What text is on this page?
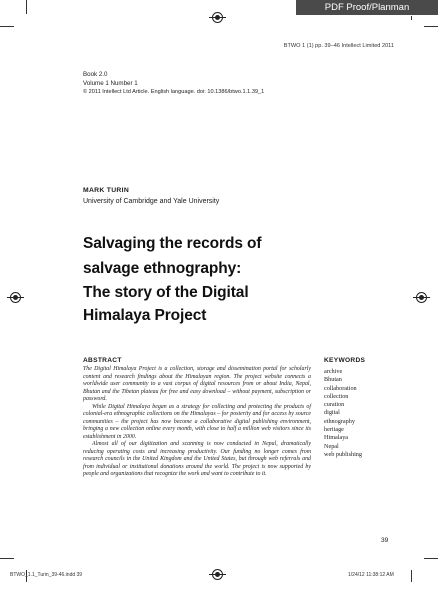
PDF Proof/Planman
BTWO 1 (1) pp. 39–46 Intellect Limited 2011
Book 2.0
Volume 1 Number 1
© 2011 Intellect Ltd Article. English language. doi: 10.1386/btwo.1.1.39_1
MARK TURIN
University of Cambridge and Yale University
Salvaging the records of
salvage ethnography:
The story of the Digital
Himalaya Project
ABSTRACT

The Digital Himalaya Project is a collection, storage and dissemination portal for scholarly content and research findings about the Himalayan region. The project website connects a worldwide user community to a vast corpus of digital resources from or about India, Nepal, Bhutan and the Tibetan plateau for free and easy download – without payment, subscription or password.

While Digital Himalaya began as a strategy for collecting and protecting the products of colonial-era ethnographic collections on the Himalayas – for posterity and for access by source communities – the project has now become a collaborative digital publishing environment, bringing a new collection online every month, with close to half a million web visitors since its establishment in 2000.

Almost all of our digitization and scanning is now conducted in Nepal, dramatically reducing operating costs and increasing productivity. Our funding no longer comes from research councils in the United Kingdom and the United States, but through web referrals and from individual or institutional donations around the world. The project is now supported by people and organizations that recognize the work and want to contribute to it.

KEYWORDS
archive
Bhutan
collaboration
collection
curation
digital
ethnography
heritage
Himalaya
Nepal
web publishing
39
BTWO_1.1_Turin_39-46.indd 39	1/24/12 11:38:12 AM
